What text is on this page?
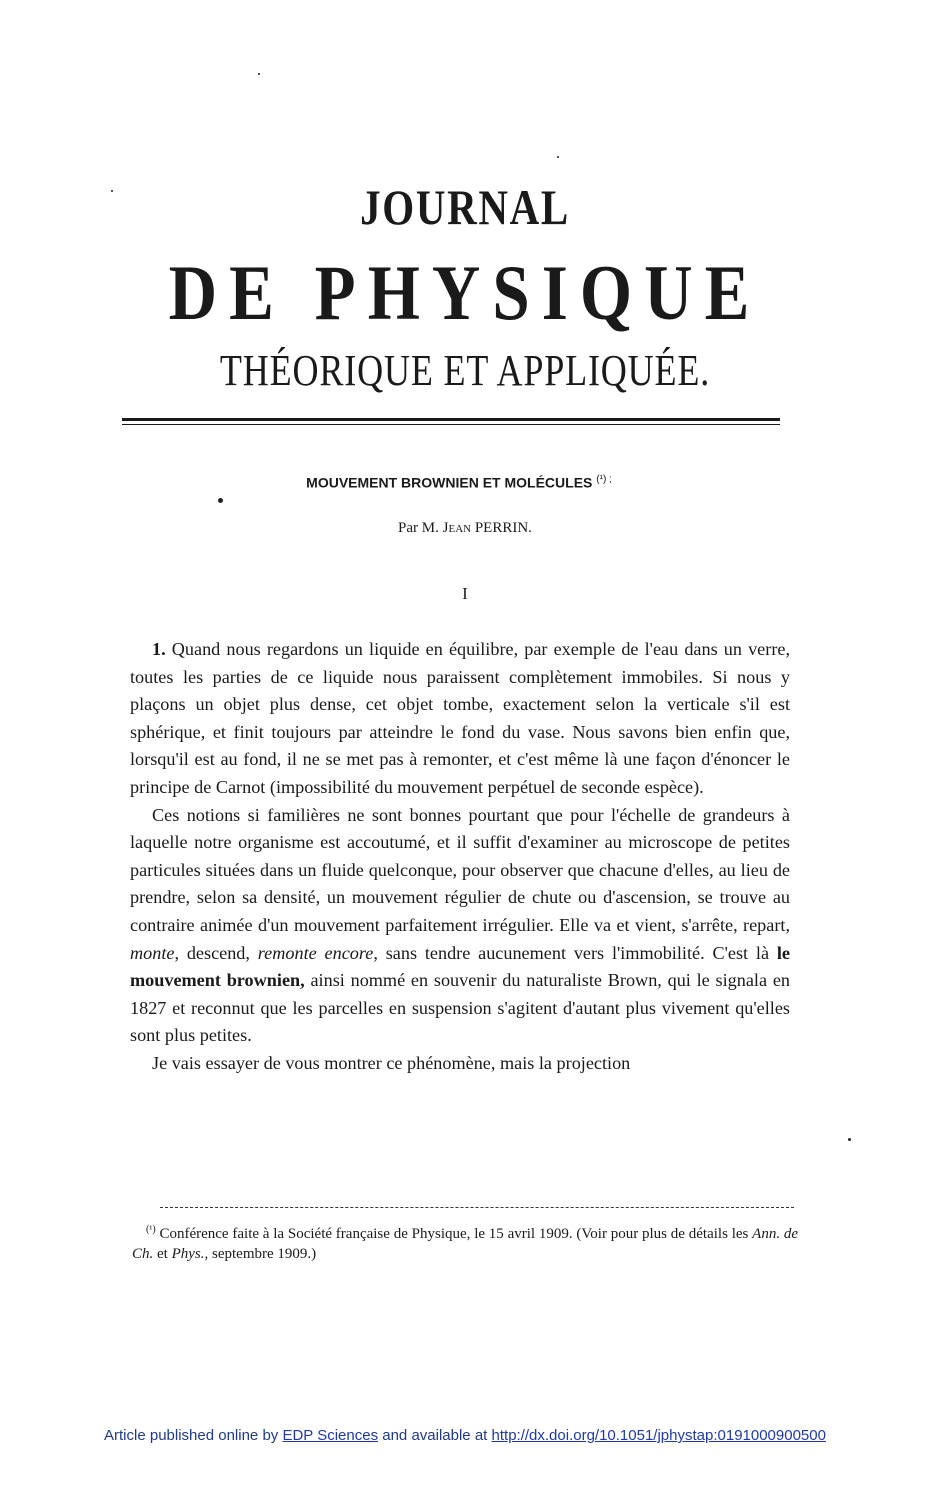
JOURNAL
DE PHYSIQUE
THÉORIQUE ET APPLIQUÉE.
MOUVEMENT BROWNIEN ET MOLÉCULES $^{(^1) ;}$
Par M. Jean PERRIN.
I

1. Quand nous regardons un liquide en équilibre, par exemple de l'eau dans un verre, toutes les parties de ce liquide nous paraissent complètement immobiles. Si nous y plaçons un objet plus dense, cet objet tombe, exactement selon la verticale s'il est sphérique, et finit toujours par atteindre le fond du vase. Nous savons bien enfin que, lorsqu'il est au fond, il ne se met pas à remonter, et c'est même là une façon d'énoncer le principe de Carnot (impossibilité du mouvement perpétuel de seconde espèce).

Ces notions si familières ne sont bonnes pourtant que pour l'échelle de grandeurs à laquelle notre organisme est accoutumé, et il suffit d'examiner au microscope de petites particules situées dans un fluide quelconque, pour observer que chacune d'elles, au lieu de prendre, selon sa densité, un mouvement régulier de chute ou d'ascension, se trouve au contraire animée d'un mouvement parfaitement irrégulier. Elle va et vient, s'arrête, repart, monte, descend, remonte encore, sans tendre aucunement vers l'immobilité. C'est là le mouvement brownien, ainsi nommé en souvenir du naturaliste Brown, qui le signala en 1827 et reconnut que les parcelles en suspension s'agitent d'autant plus vivement qu'elles sont plus petites.

Je vais essayer de vous montrer ce phénomène, mais la projection

$^{(^1)}$ Conférence faite à la Société française de Physique, le 15 avril 1909. (Voir pour plus de détails les Ann. de Ch. et Phys., septembre 1909.)
Article published online by EDP Sciences and available at http://dx.doi.org/10.1051/jphystap:0191000900500
